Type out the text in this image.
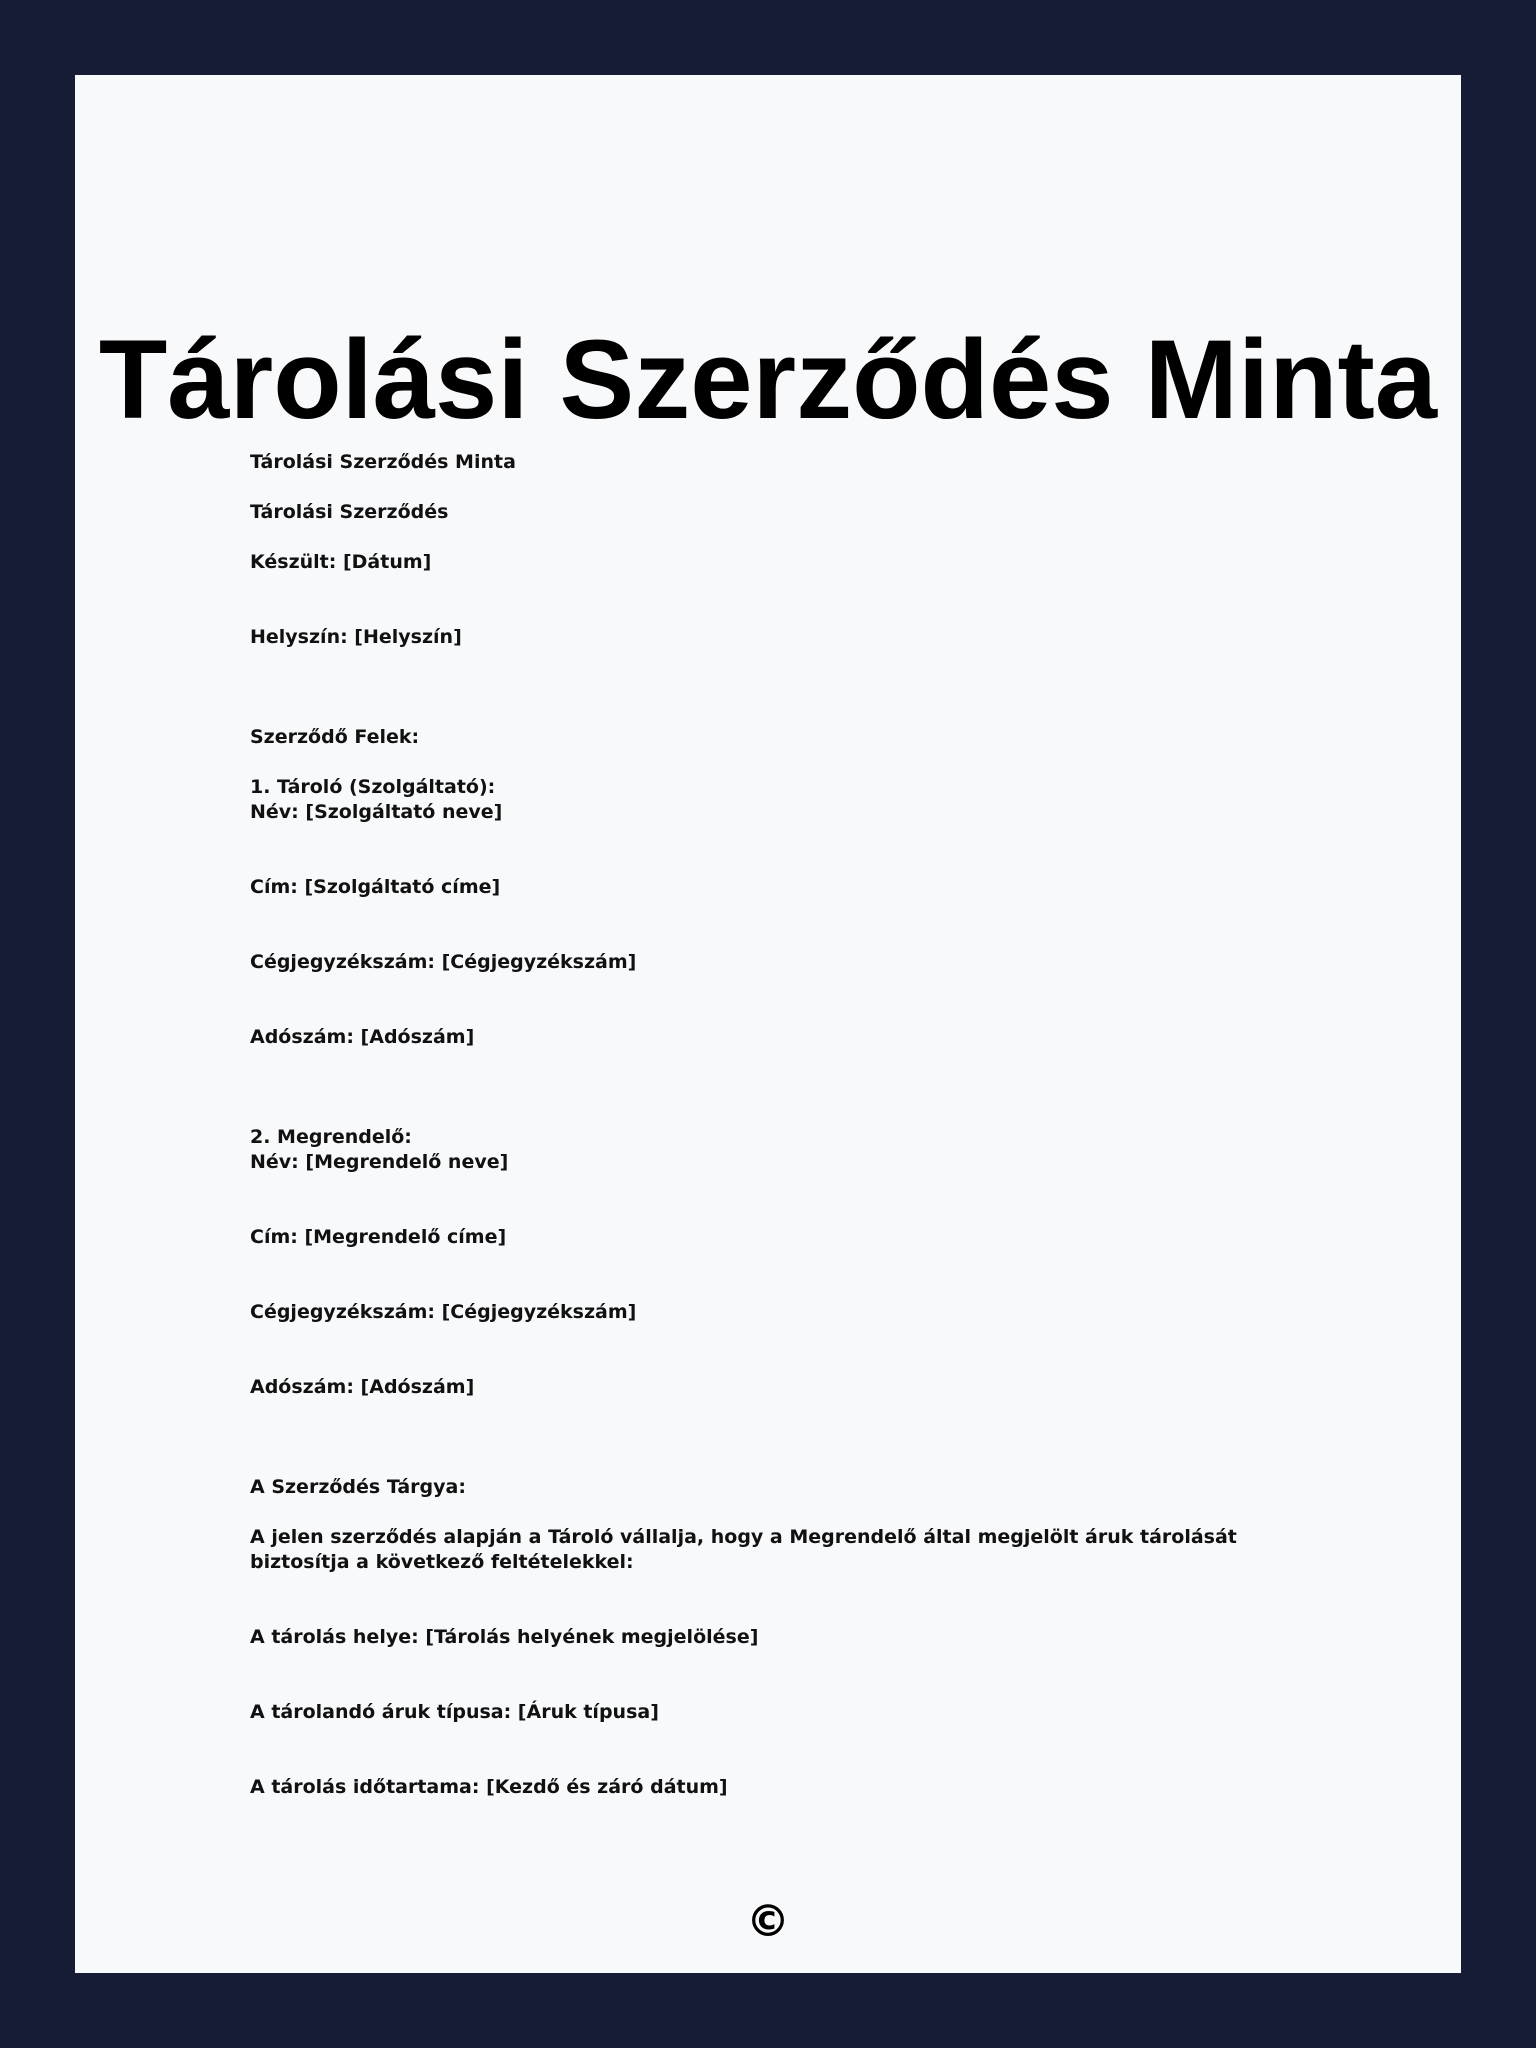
Tárolási Szerződés Minta

Tárolási Szerződés Minta

Tárolási Szerződés

Készült: [Dátum]

Helyszín: [Helyszín]

Szerződő Felek:

1. Tároló (Szolgáltató):

Név: [Szolgáltató neve]

Cím: [Szolgáltató címe]

Cégjegyzékszám: [Cégjegyzékszám]

Adószám: [Adószám]

2. Megrendelő:

Név: [Megrendelő neve]

Cím: [Megrendelő címe]

Cégjegyzékszám: [Cégjegyzékszám]

Adószám: [Adószám]

A Szerződés Tárgya:

A jelen szerződés alapján a Tároló vállalja, hogy a Megrendelő által megjelölt áruk tárolását biztosítja a következő feltételekkel:

A tárolás helye: [Tárolás helyének megjelölése]

A tárolandó áruk típusa: [Áruk típusa]

A tárolás időtartama: [Kezdő és záró dátum]

©
